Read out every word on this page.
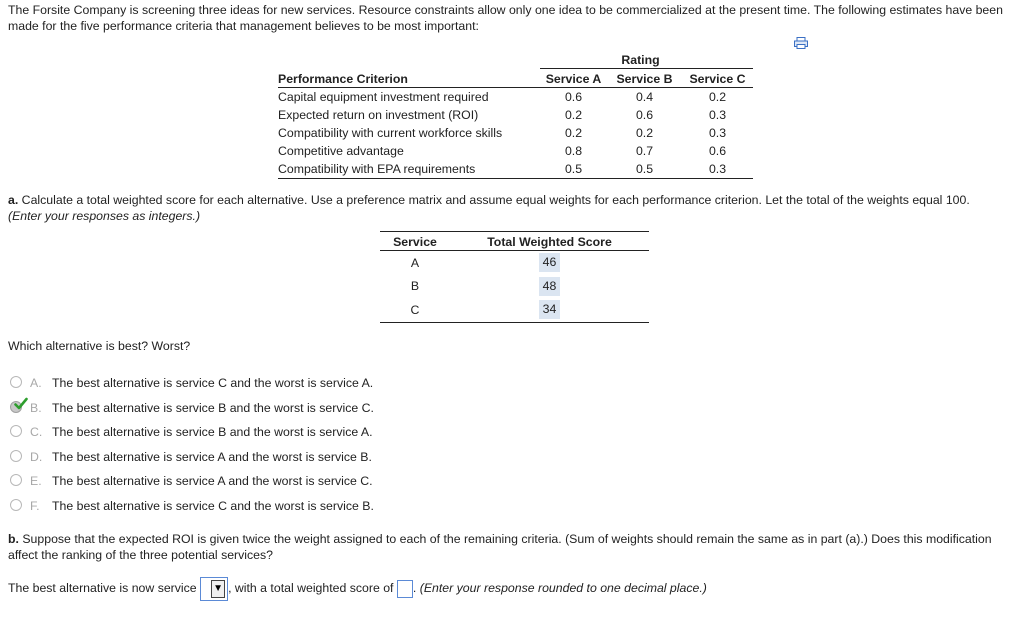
The Forsite Company is screening three ideas for new services. Resource constraints allow only one idea to be commercialized at the present time. The following estimates have been made for the five performance criteria that management believes to be most important:
Rating
Performance Criterion	Service A	Service B	Service C
Capital equipment investment required	0.6	0.4	0.2
Expected return on investment (ROI)	0.2	0.6	0.3
Compatibility with current workforce skills	0.2	0.2	0.3
Competitive advantage	0.8	0.7	0.6
Compatibility with EPA requirements	0.5	0.5	0.3
a. Calculate a total weighted score for each alternative. Use a preference matrix and assume equal weights for each performance criterion. Let the total of the weights equal 100.
(Enter your responses as integers.)
Service	Total Weighted Score
A	46
B	48
C	34
Which alternative is best? Worst?
A. The best alternative is service C and the worst is service A.
B. The best alternative is service B and the worst is service C.
C. The best alternative is service B and the worst is service A.
D. The best alternative is service A and the worst is service B.
E. The best alternative is service A and the worst is service C.
F. The best alternative is service C and the worst is service B.
b. Suppose that the expected ROI is given twice the weight assigned to each of the remaining criteria. (Sum of weights should remain the same as in part (a).) Does this modification affect the ranking of the three potential services?
The best alternative is now service ▼ , with a total weighted score of . (Enter your response rounded to one decimal place.)
